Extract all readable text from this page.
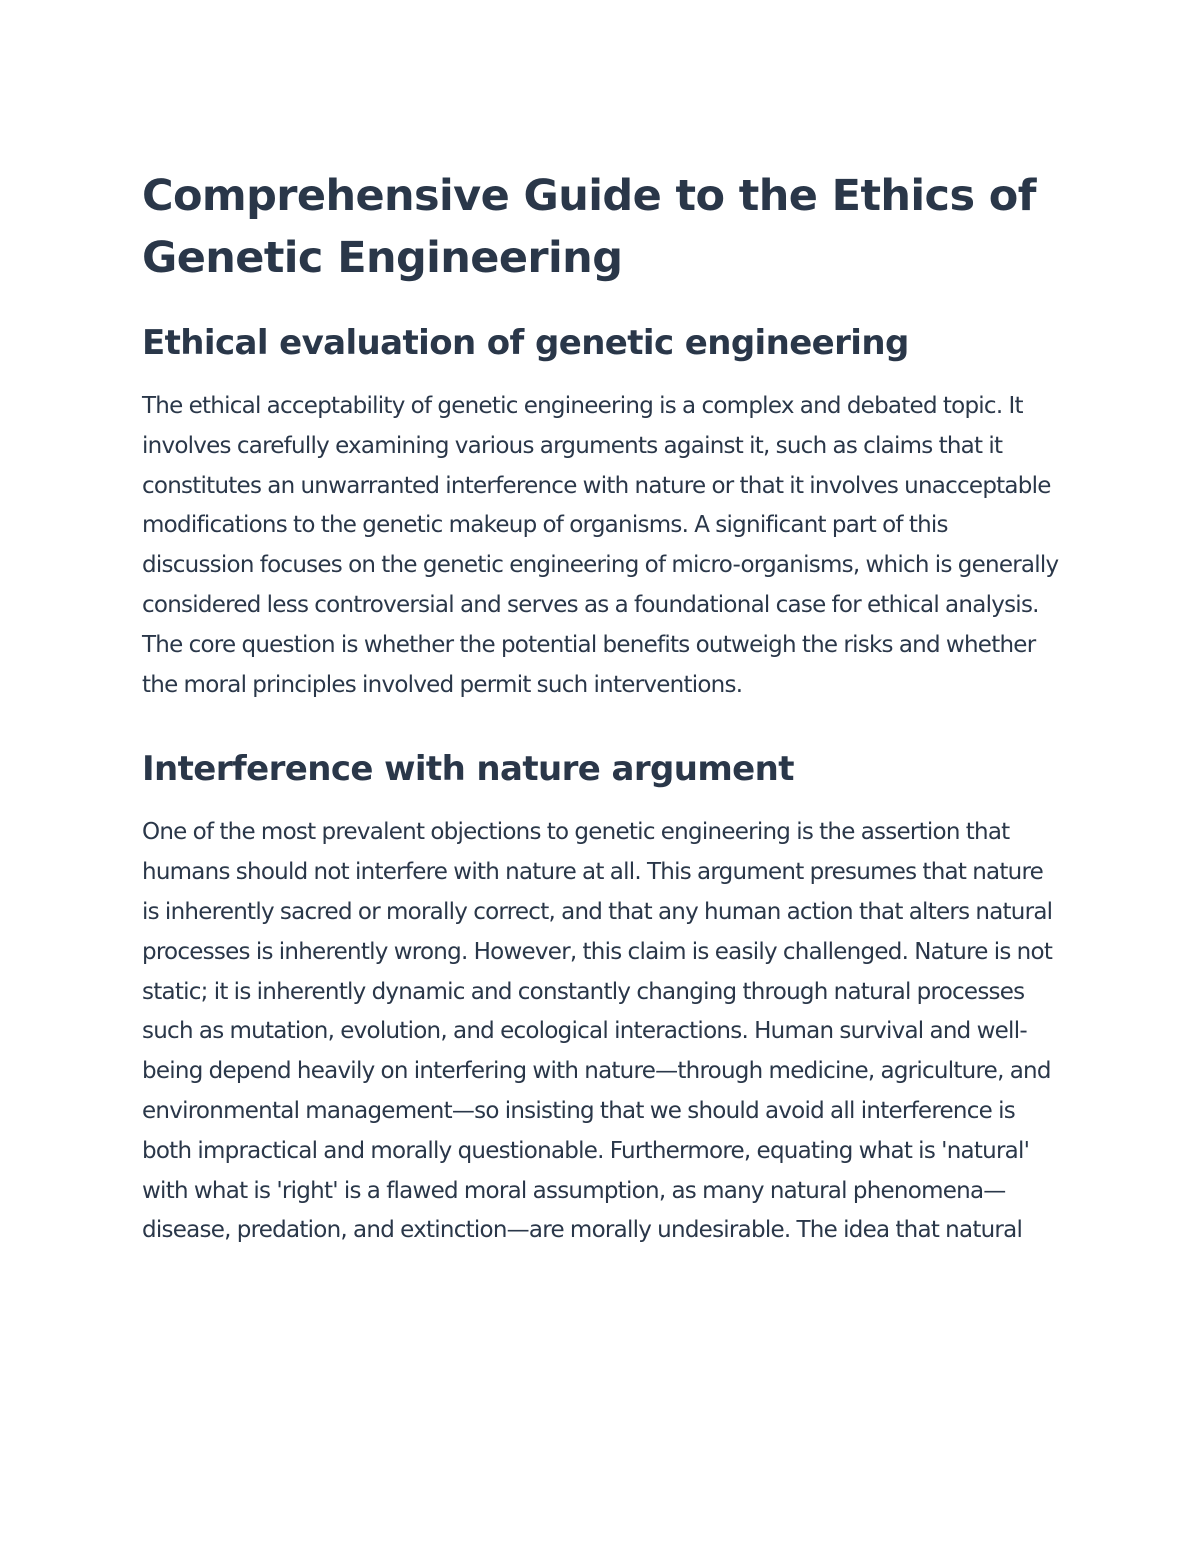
Comprehensive Guide to the Ethics of Genetic Engineering
Ethical evaluation of genetic engineering

The ethical acceptability of genetic engineering is a complex and debated topic. It involves carefully examining various arguments against it, such as claims that it constitutes an unwarranted interference with nature or that it involves unacceptable modifications to the genetic makeup of organisms. A significant part of this discussion focuses on the genetic engineering of micro-organisms, which is generally considered less controversial and serves as a foundational case for ethical analysis. The core question is whether the potential benefits outweigh the risks and whether the moral principles involved permit such interventions.

Interference with nature argument

One of the most prevalent objections to genetic engineering is the assertion that humans should not interfere with nature at all. This argument presumes that nature is inherently sacred or morally correct, and that any human action that alters natural processes is inherently wrong. However, this claim is easily challenged. Nature is not static; it is inherently dynamic and constantly changing through natural processes such as mutation, evolution, and ecological interactions. Human survival and well-being depend heavily on interfering with nature—through medicine, agriculture, and environmental management—so insisting that we should avoid all interference is both impractical and morally questionable. Furthermore, equating what is 'natural' with what is 'right' is a flawed moral assumption, as many natural phenomena—disease, predation, and extinction—are morally undesirable. The idea that natural
